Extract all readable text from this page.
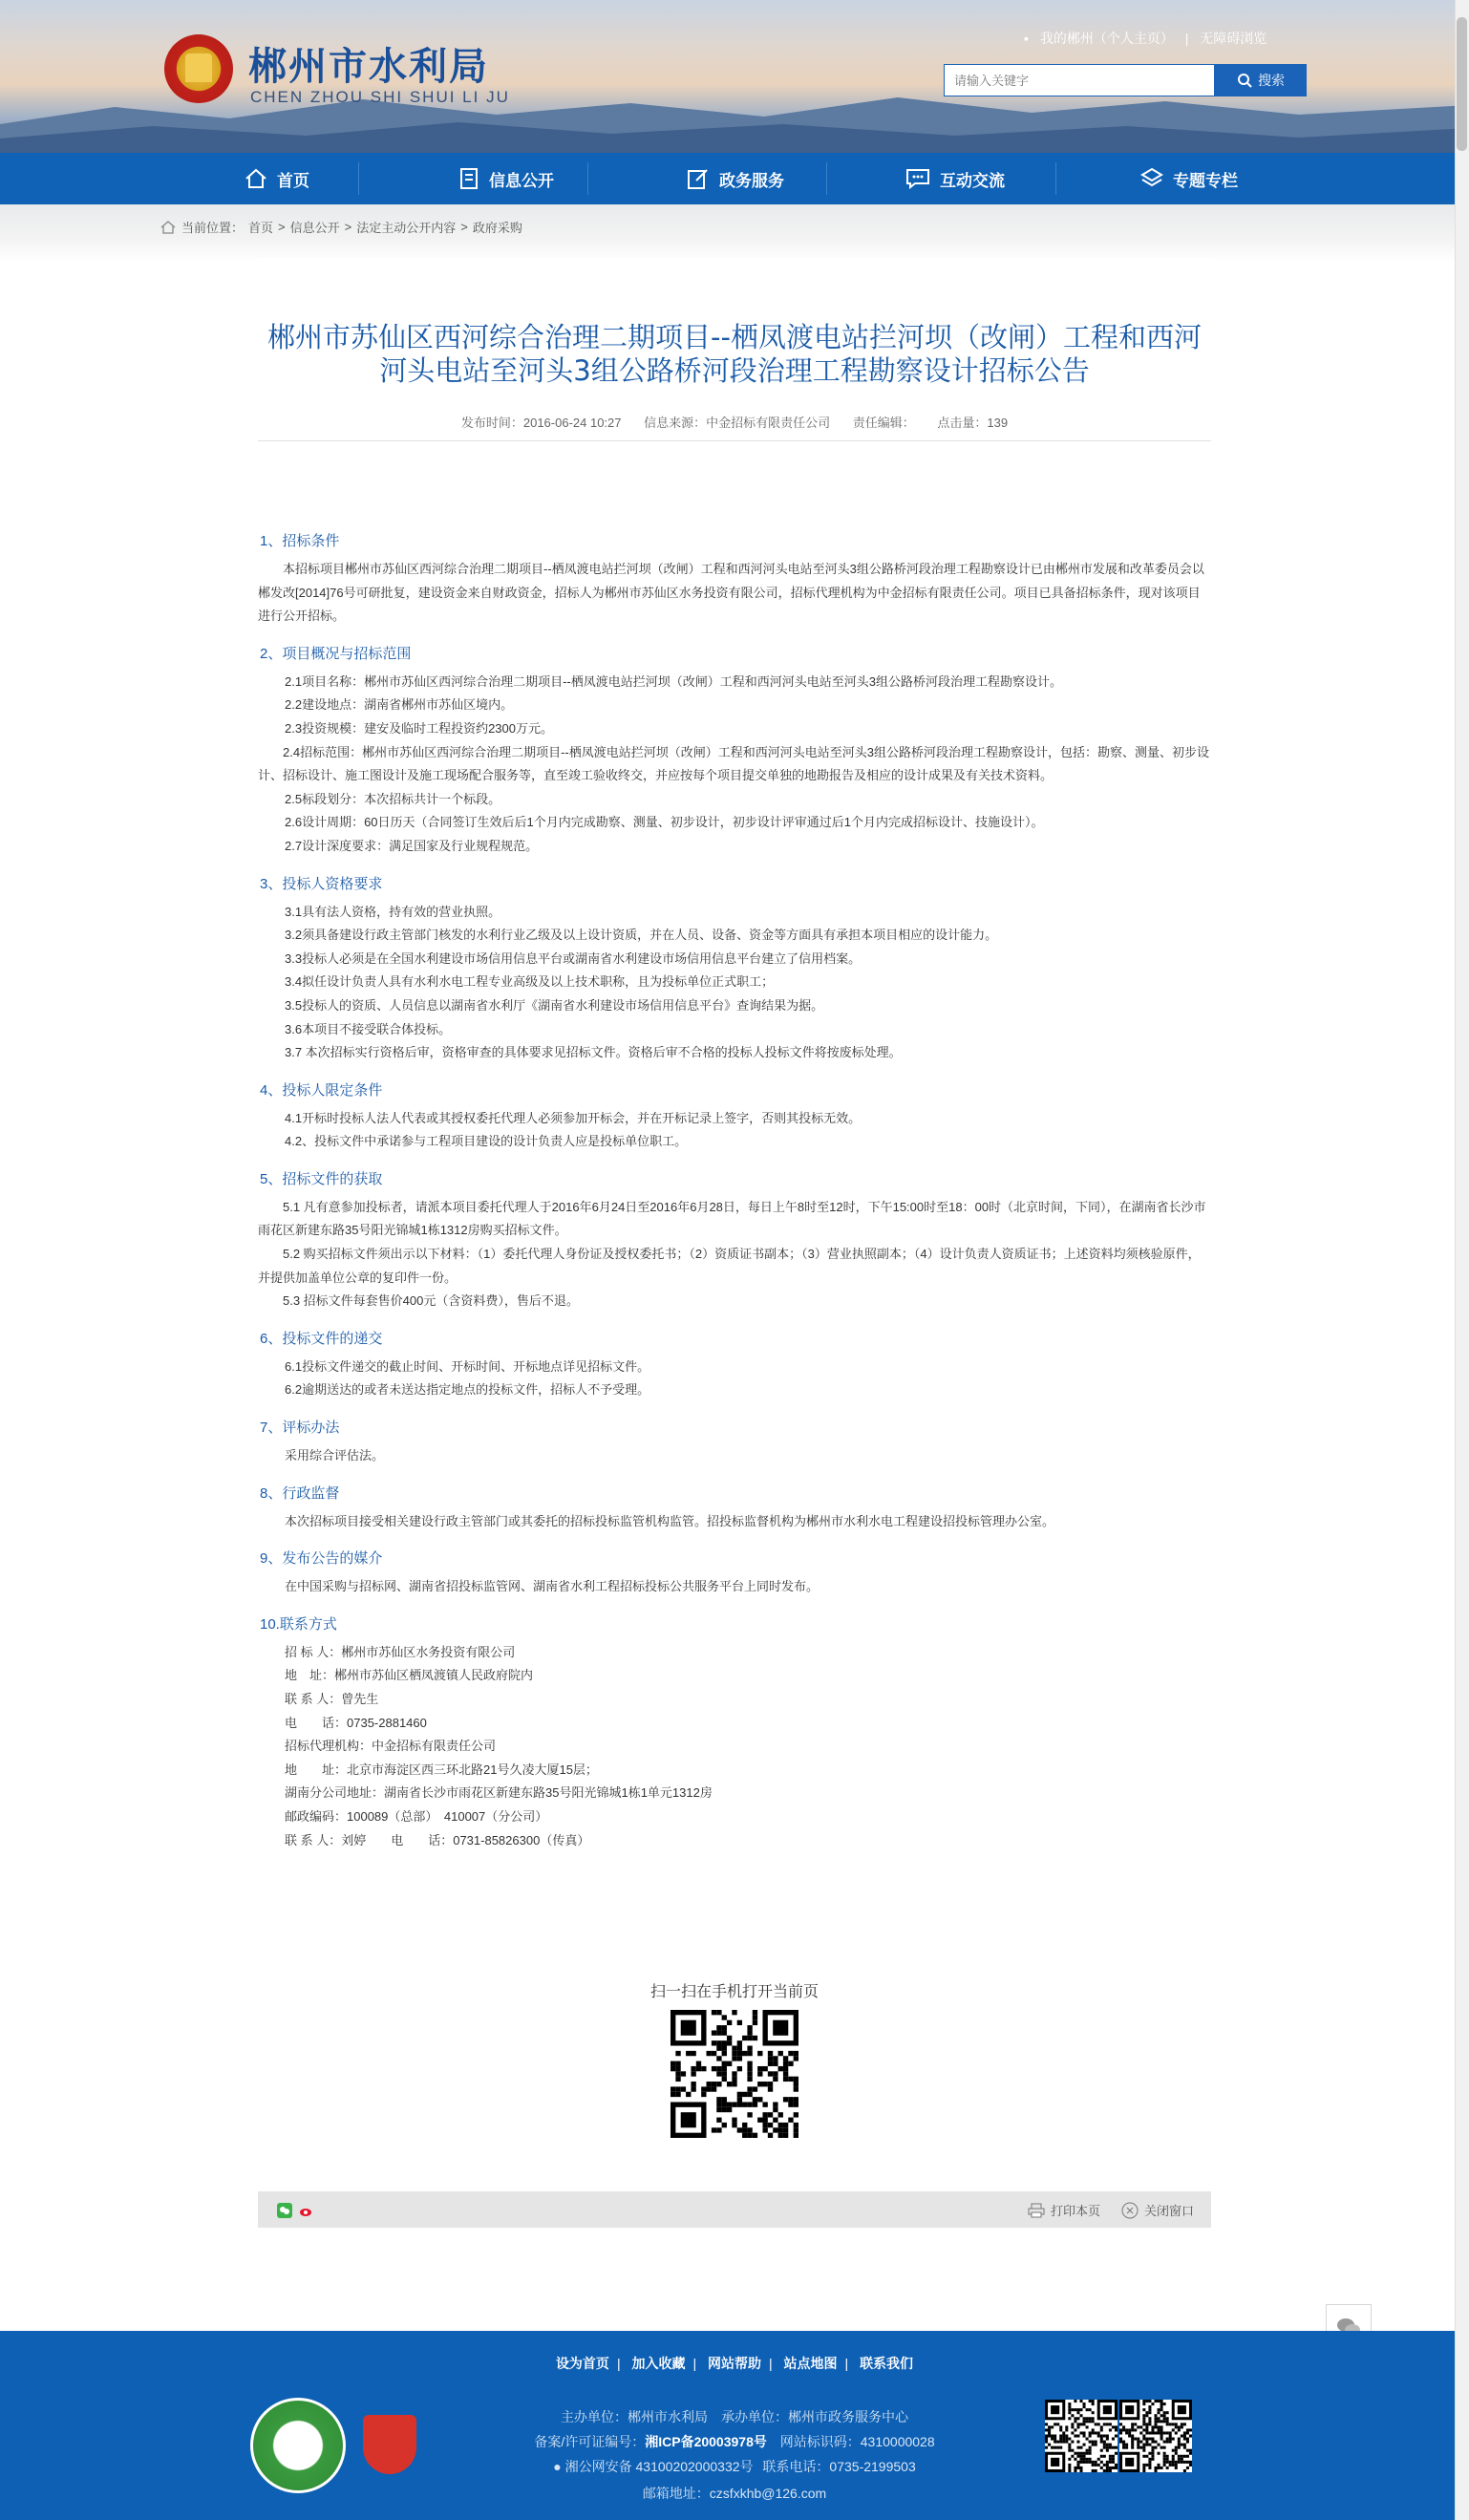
郴州市水利局
CHEN ZHOU SHI SHUI LI JU
▪ 我的郴州（个人主页） | 无障碍浏览
请输入关键字
搜索
首页	信息公开	政务服务	互动交流	专题专栏
当前位置： 首页 > 信息公开 > 法定主动公开内容 > 政府采购
郴州市苏仙区西河综合治理二期项目--栖凤渡电站拦河坝（改闸）工程和西河河头电站至河头3组公路桥河段治理工程勘察设计招标公告
发布时间：2016-06-24 10:27 信息来源：中金招标有限责任公司 责任编辑： 点击量：139
1、招标条件

本招标项目郴州市苏仙区西河综合治理二期项目--栖凤渡电站拦河坝（改闸）工程和西河河头电站至河头3组公路桥河段治理工程勘察设计已由郴州市发展和改革委员会以郴发改[2014]76号可研批复，建设资金来自财政资金，招标人为郴州市苏仙区水务投资有限公司，招标代理机构为中金招标有限责任公司。项目已具备招标条件，现对该项目进行公开招标。

2、项目概况与招标范围

2.1项目名称：郴州市苏仙区西河综合治理二期项目--栖凤渡电站拦河坝（改闸）工程和西河河头电站至河头3组公路桥河段治理工程勘察设计。

2.2建设地点：湖南省郴州市苏仙区境内。

2.3投资规模：建安及临时工程投资约2300万元。

2.4招标范围：郴州市苏仙区西河综合治理二期项目--栖凤渡电站拦河坝（改闸）工程和西河河头电站至河头3组公路桥河段治理工程勘察设计，包括：勘察、测量、初步设计、招标设计、施工图设计及施工现场配合服务等，直至竣工验收终交，并应按每个项目提交单独的地勘报告及相应的设计成果及有关技术资料。

2.5标段划分：本次招标共计一个标段。

2.6设计周期：60日历天（合同签订生效后后1个月内完成勘察、测量、初步设计，初步设计评审通过后1个月内完成招标设计、技施设计）。

2.7设计深度要求：满足国家及行业规程规范。

3、投标人资格要求

3.1具有法人资格，持有效的营业执照。

3.2须具备建设行政主管部门核发的水利行业乙级及以上设计资质，并在人员、设备、资金等方面具有承担本项目相应的设计能力。

3.3投标人必须是在全国水利建设市场信用信息平台或湖南省水利建设市场信用信息平台建立了信用档案。

3.4拟任设计负责人具有水利水电工程专业高级及以上技术职称，且为投标单位正式职工；

3.5投标人的资质、人员信息以湖南省水利厅《湖南省水利建设市场信用信息平台》查询结果为据。

3.6本项目不接受联合体投标。

3.7 本次招标实行资格后审，资格审查的具体要求见招标文件。资格后审不合格的投标人投标文件将按废标处理。

4、投标人限定条件

4.1开标时投标人法人代表或其授权委托代理人必须参加开标会，并在开标记录上签字，否则其投标无效。

4.2、投标文件中承诺参与工程项目建设的设计负责人应是投标单位职工。

5、招标文件的获取

5.1 凡有意参加投标者，请派本项目委托代理人于2016年6月24日至2016年6月28日，每日上午8时至12时，下午15:00时至18：00时（北京时间，下同），在湖南省长沙市雨花区新建东路35号阳光锦城1栋1312房购买招标文件。

5.2 购买招标文件须出示以下材料：（1）委托代理人身份证及授权委托书；（2）资质证书副本；（3）营业执照副本；（4）设计负责人资质证书；上述资料均须核验原件，并提供加盖单位公章的复印件一份。

5.3 招标文件每套售价400元（含资料费），售后不退。

6、投标文件的递交

6.1投标文件递交的截止时间、开标时间、开标地点详见招标文件。

6.2逾期送达的或者未送达指定地点的投标文件，招标人不予受理。

7、评标办法

采用综合评估法。

8、行政监督

本次招标项目接受相关建设行政主管部门或其委托的招标投标监管机构监管。招投标监督机构为郴州市水利水电工程建设招投标管理办公室。

9、发布公告的媒介

在中国采购与招标网、湖南省招投标监管网、湖南省水利工程招标投标公共服务平台上同时发布。

10.联系方式

招 标 人：郴州市苏仙区水务投资有限公司

地　址：郴州市苏仙区栖凤渡镇人民政府院内

联 系 人：曾先生

电　　话：0735-2881460

招标代理机构：中金招标有限责任公司

地　　址：北京市海淀区西三环北路21号久凌大厦15层；

湖南分公司地址：湖南省长沙市雨花区新建东路35号阳光锦城1栋1单元1312房

邮政编码：100089（总部）　410007（分公司）

联 系 人：刘婷　　电　　话：0731-85826300（传真）

扫一扫在手机打开当前页
打印本页	关闭窗口
设为首页 | 加入收藏 | 网站帮助 | 站点地图 | 联系我们
主办单位：郴州市水利局　承办单位：郴州市政务服务中心
备案/许可证编号：湘ICP备20003978号 网站标识码：4310000028
● 湘公网安备 43100202000332号 联系电话：0735-2199503
邮箱地址：czsfxkhb@126.com
